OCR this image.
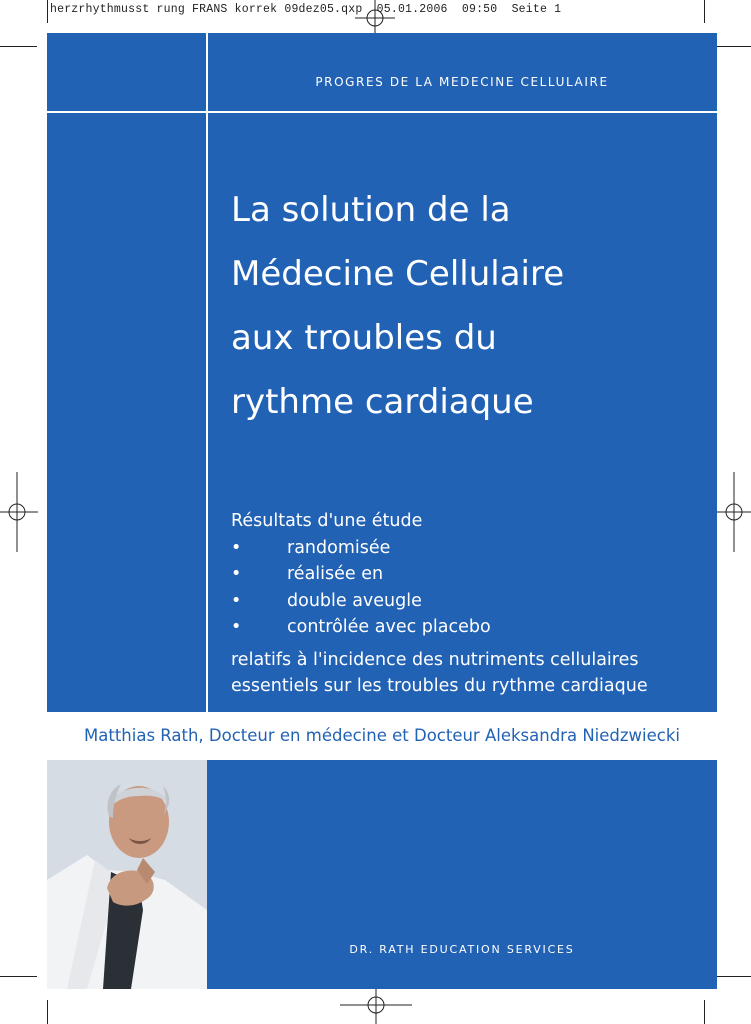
herzrhythmusst rung FRANS korrek 09dez05.qxp  05.01.2006  09:50  Seite 1
PROGRES DE LA MEDECINE CELLULAIRE
La solution de la
Médecine Cellulaire
aux troubles du
rythme cardiaque
Résultats d'une étude
•	randomisée
•	réalisée en
•	double aveugle
•	contrôlée avec placebo
relatifs à l'incidence des nutriments cellulaires
essentiels sur les troubles du rythme cardiaque
Matthias Rath, Docteur en médecine et Docteur Aleksandra Niedzwiecki
DR. RATH EDUCATION SERVICES
